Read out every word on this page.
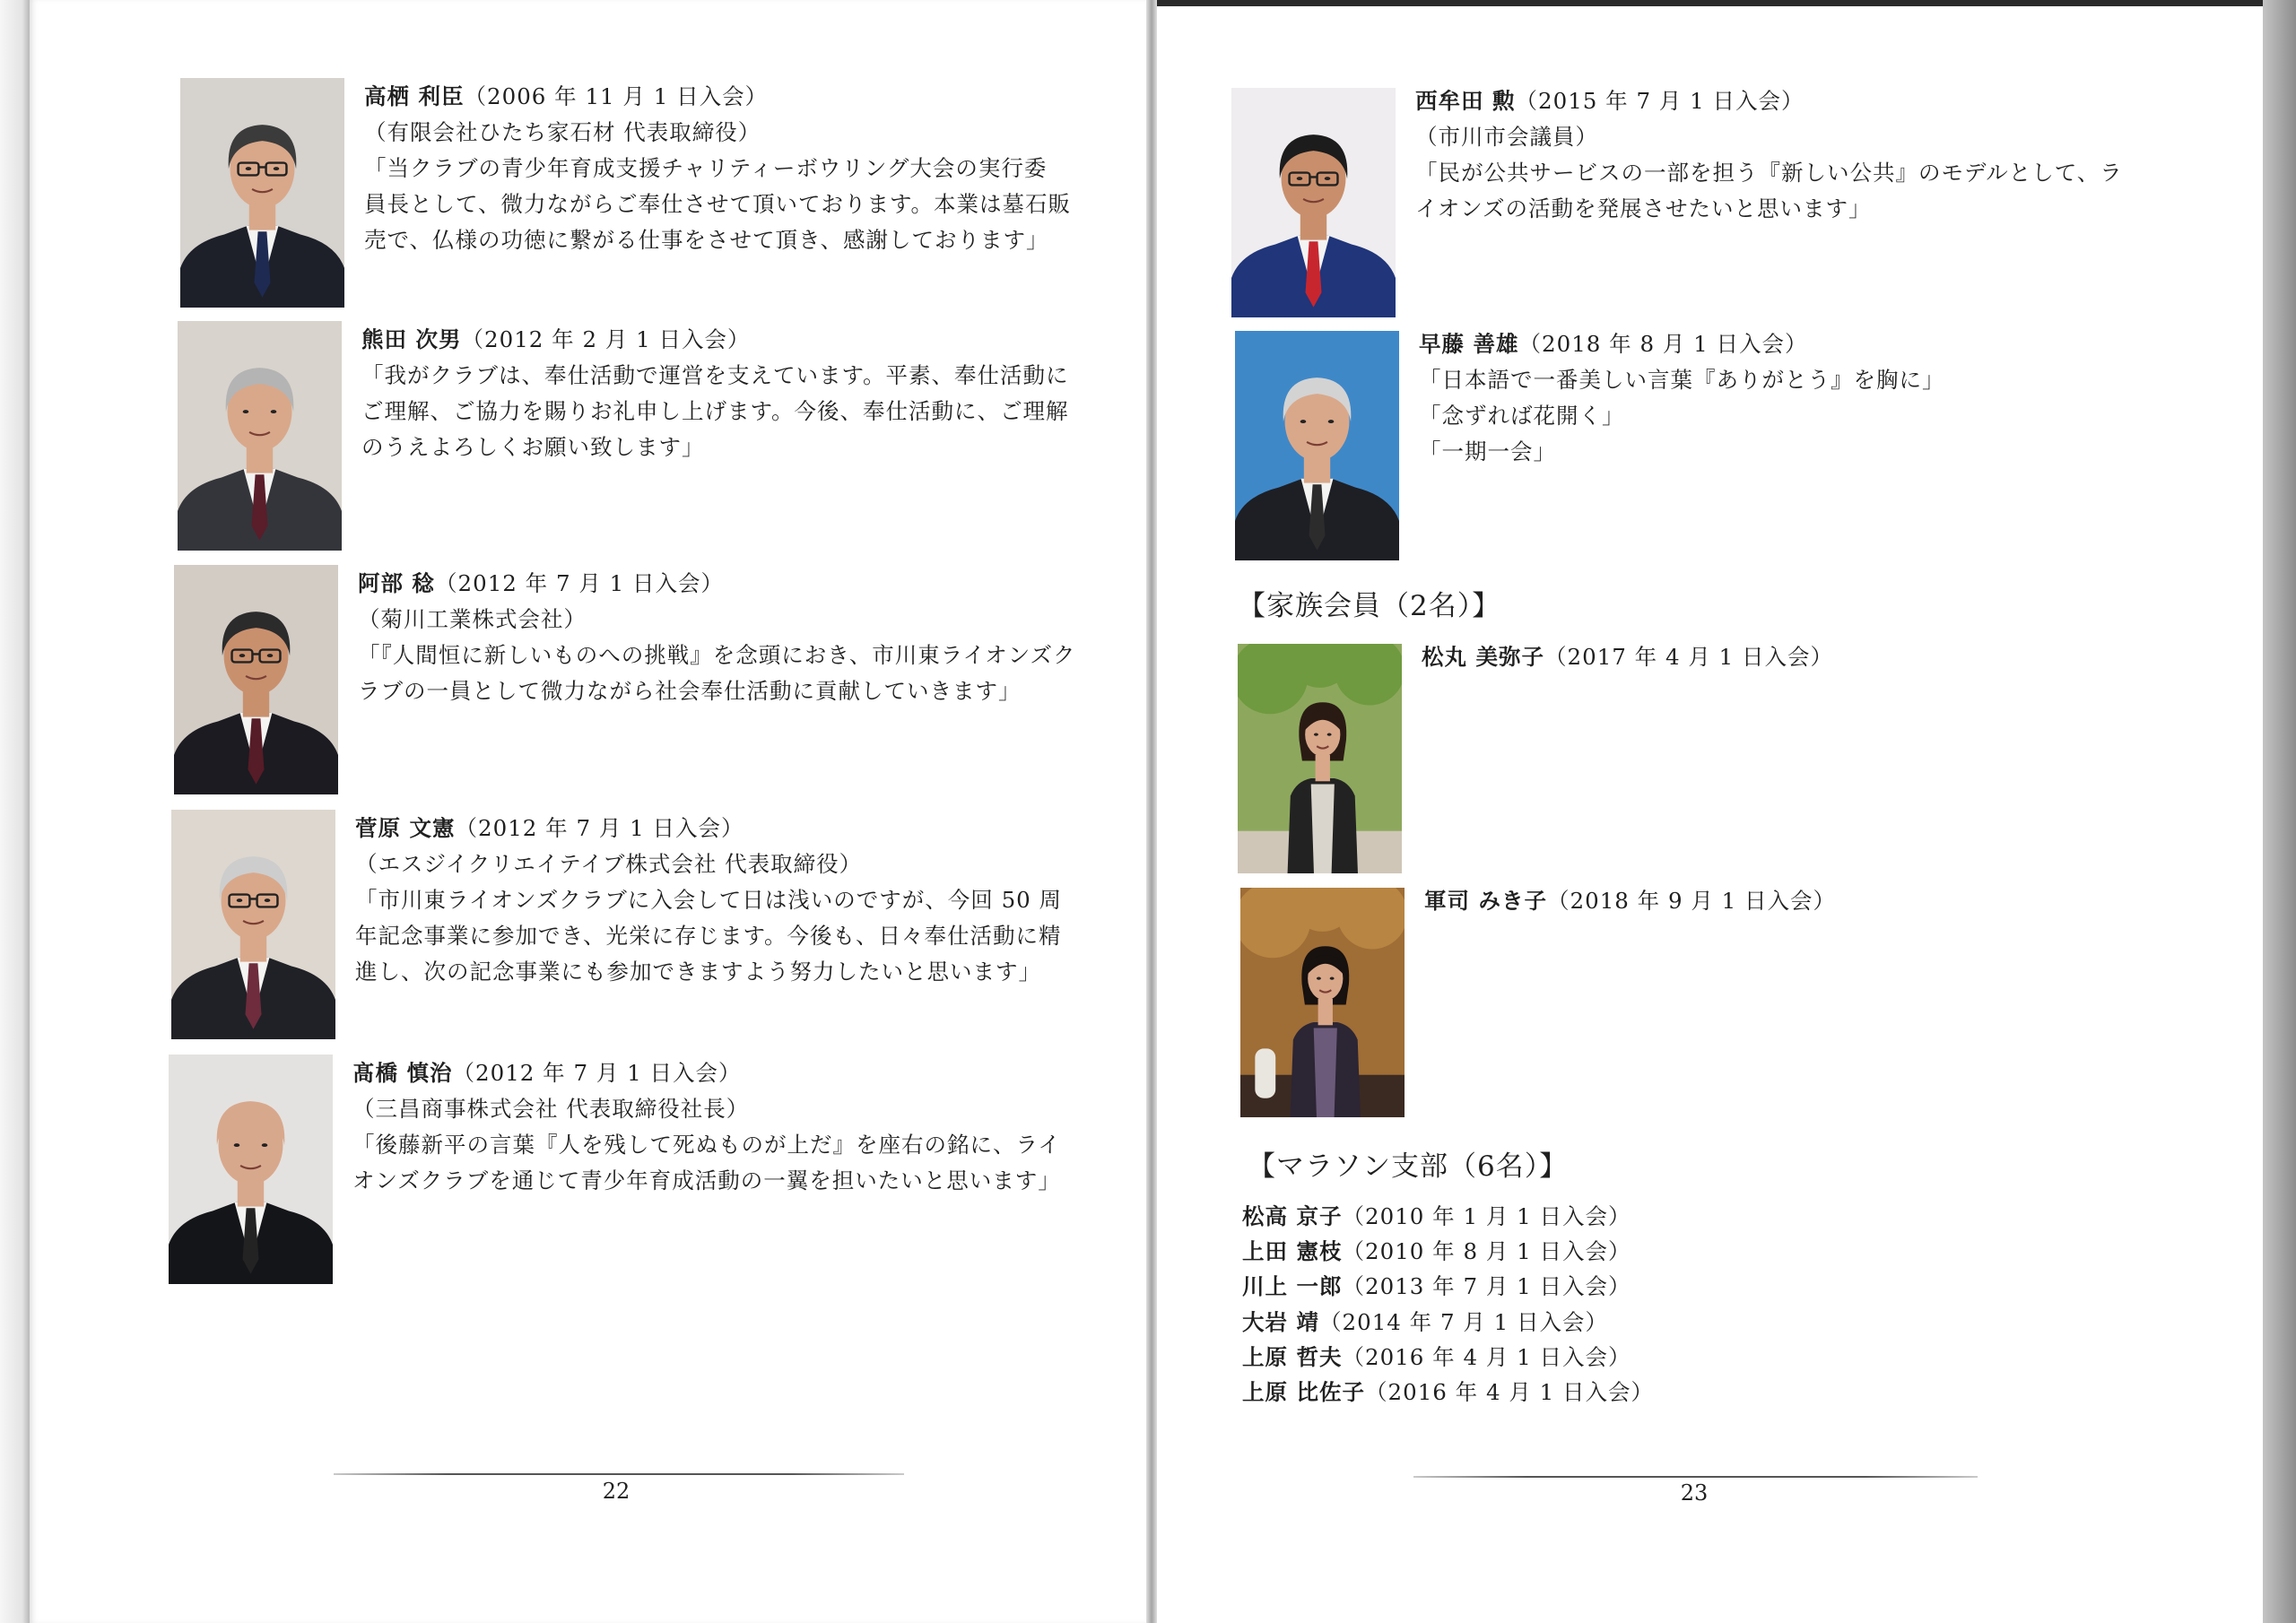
高栖 利臣（2006 年 11 月 1 日入会）
（有限会社ひたち家石材 代表取締役）
「当クラブの青少年育成支援チャリティーボウリング大会の実行委
員長として、微力ながらご奉仕させて頂いております。本業は墓石販
売で、仏様の功徳に繋がる仕事をさせて頂き、感謝しております」
熊田 次男（2012 年 2 月 1 日入会）
「我がクラブは、奉仕活動で運営を支えています。平素、奉仕活動に
ご理解、ご協力を賜りお礼申し上げます。今後、奉仕活動に、ご理解
のうえよろしくお願い致します」
阿部 稔（2012 年 7 月 1 日入会）
（菊川工業株式会社）
「『人間恒に新しいものへの挑戦』を念頭におき、市川東ライオンズク
ラブの一員として微力ながら社会奉仕活動に貢献していきます」
菅原 文憲（2012 年 7 月 1 日入会）
（エスジイクリエイテイブ株式会社 代表取締役）
「市川東ライオンズクラブに入会して日は浅いのですが、今回 50 周
年記念事業に参加でき、光栄に存じます。今後も、日々奉仕活動に精
進し、次の記念事業にも参加できますよう努力したいと思います」
髙橋 慎治（2012 年 7 月 1 日入会）
（三昌商事株式会社 代表取締役社長）
「後藤新平の言葉『人を残して死ぬものが上だ』を座右の銘に、ライ
オンズクラブを通じて青少年育成活動の一翼を担いたいと思います」
22
西牟田 勲（2015 年 7 月 1 日入会）
（市川市会議員）
「民が公共サービスの一部を担う『新しい公共』のモデルとして、ラ
イオンズの活動を発展させたいと思います」
早藤 善雄（2018 年 8 月 1 日入会）
「日本語で一番美しい言葉『ありがとう』を胸に」
「念ずれば花開く」
「一期一会」
【家族会員（2名）】
松丸 美弥子（2017 年 4 月 1 日入会）
軍司 みき子（2018 年 9 月 1 日入会）
【マラソン支部（6名）】
松高 京子（2010 年 1 月 1 日入会）
上田 憲枝（2010 年 8 月 1 日入会）
川上 一郎（2013 年 7 月 1 日入会）
大岩 靖（2014 年 7 月 1 日入会）
上原 哲夫（2016 年 4 月 1 日入会）
上原 比佐子（2016 年 4 月 1 日入会）
23
